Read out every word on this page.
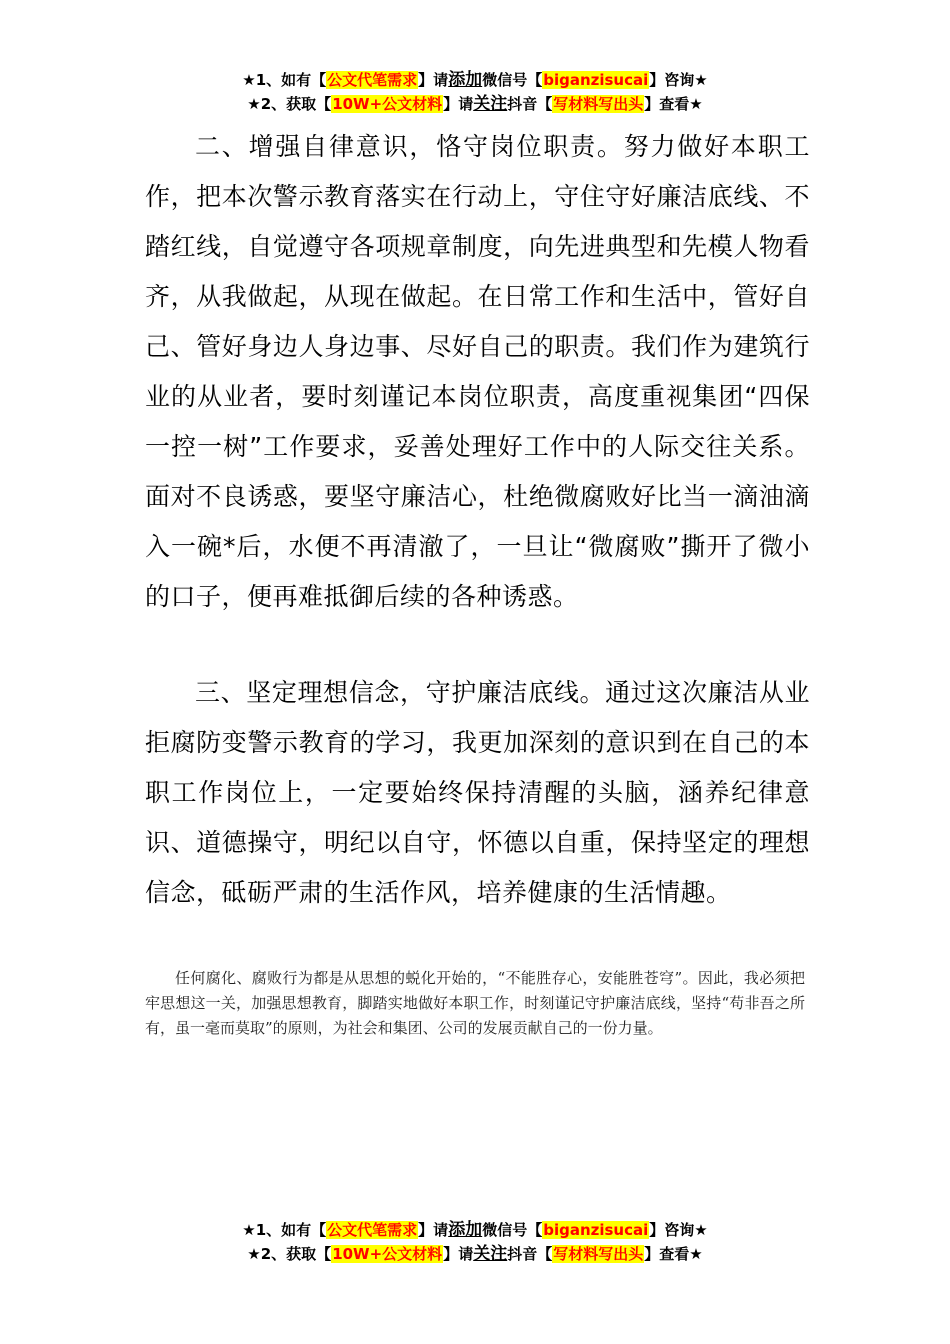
★1、如有【公文代笔需求】请添加微信号【biganzisucai】咨询★
★2、获取【10W+公文材料】请关注抖音【写材料写出头】查看★

二、增强自律意识，恪守岗位职责。努力做好本职工作，把本次警示教育落实在行动上，守住守好廉洁底线、不踏红线，自觉遵守各项规章制度，向先进典型和先模人物看齐，从我做起，从现在做起。在日常工作和生活中，管好自己、管好身边人身边事、尽好自己的职责。我们作为建筑行业的从业者，要时刻谨记本岗位职责，高度重视集团“四保一控一树”工作要求，妥善处理好工作中的人际交往关系。面对不良诱惑，要坚守廉洁心，杜绝微腐败好比当一滴油滴入一碗*后，水便不再清澈了，一旦让“微腐败”撕开了微小的口子，便再难抵御后续的各种诱惑。

三、坚定理想信念，守护廉洁底线。通过这次廉洁从业拒腐防变警示教育的学习，我更加深刻的意识到在自己的本职工作岗位上，一定要始终保持清醒的头脑，涵养纪律意识、道德操守，明纪以自守，怀德以自重，保持坚定的理想信念，砥砺严肃的生活作风，培养健康的生活情趣。

任何腐化、腐败行为都是从思想的蜕化开始的，“不能胜存心，安能胜苍穹”。因此，我必须把牢思想这一关，加强思想教育，脚踏实地做好本职工作，时刻谨记守护廉洁底线，坚持“苟非吾之所有，虽一毫而莫取”的原则，为社会和集团、公司的发展贡献自己的一份力量。

★1、如有【公文代笔需求】请添加微信号【biganzisucai】咨询★
★2、获取【10W+公文材料】请关注抖音【写材料写出头】查看★
